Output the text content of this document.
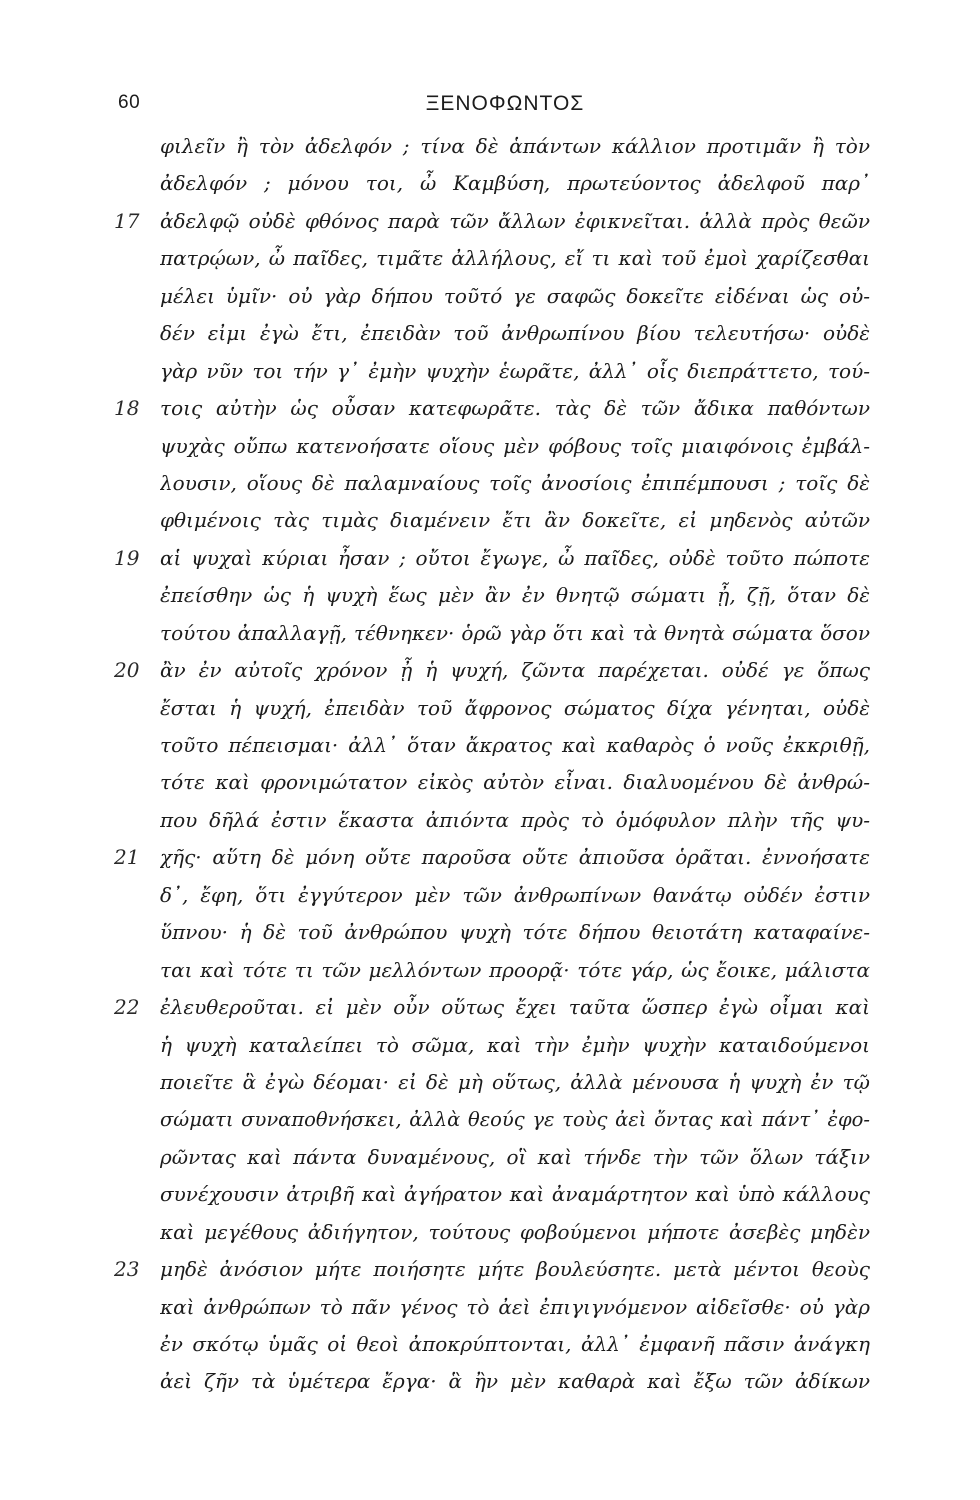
60	ΞΕΝΟΦΩΝΤΟΣ
φιλεῖν ἢ τὸν ἀδελφόν ; τίνα δὲ ἁπάντων κάλλιον προτιμᾶν ἢ τὸν
ἀδελφόν ; μόνου τοι, ὦ Καμβύση, πρωτεύοντος ἀδελφοῦ παρ᾽
17	ἀδελφῷ οὐδὲ φθόνος παρὰ τῶν ἄλλων ἐφικνεῖται. ἀλλὰ πρὸς θεῶν
πατρῴων, ὦ παῖδες, τιμᾶτε ἀλλήλους, εἴ τι καὶ τοῦ ἐμοὶ χαρίζεσθαι
μέλει ὑμῖν· οὐ γὰρ δήπου τοῦτό γε σαφῶς δοκεῖτε εἰδέναι ὡς οὐ-
δέν εἰμι ἐγὼ ἔτι, ἐπειδὰν τοῦ ἀνθρωπίνου βίου τελευτήσω· οὐδὲ
γὰρ νῦν τοι τήν γ᾽ ἐμὴν ψυχὴν ἑωρᾶτε, ἀλλ᾽ οἷς διεπράττετο, τού-
18	τοις αὐτὴν ὡς οὖσαν κατεφωρᾶτε. τὰς δὲ τῶν ἄδικα παθόντων
ψυχὰς οὔπω κατενοήσατε οἵους μὲν φόβους τοῖς μιαιφόνοις ἐμβάλ-
λουσιν, οἵους δὲ παλαμναίους τοῖς ἀνοσίοις ἐπιπέμπουσι ; τοῖς δὲ
φθιμένοις τὰς τιμὰς διαμένειν ἔτι ἂν δοκεῖτε, εἰ μηδενὸς αὐτῶν
19	αἱ ψυχαὶ κύριαι ἦσαν ; οὔτοι ἔγωγε, ὦ παῖδες, οὐδὲ τοῦτο πώποτε
ἐπείσθην ὡς ἡ ψυχὴ ἕως μὲν ἂν ἐν θνητῷ σώματι ᾖ, ζῇ, ὅταν δὲ
τούτου ἀπαλλαγῇ, τέθνηκεν· ὁρῶ γὰρ ὅτι καὶ τὰ θνητὰ σώματα ὅσον
20	ἂν ἐν αὐτοῖς χρόνον ᾖ ἡ ψυχή, ζῶντα παρέχεται. οὐδέ γε ὅπως
ἔσται ἡ ψυχή, ἐπειδὰν τοῦ ἄφρονος σώματος δίχα γένηται, οὐδὲ
τοῦτο πέπεισμαι· ἀλλ᾽ ὅταν ἄκρατος καὶ καθαρὸς ὁ νοῦς ἐκκριθῇ,
τότε καὶ φρονιμώτατον εἰκὸς αὐτὸν εἶναι. διαλυομένου δὲ ἀνθρώ-
που δῆλά ἐστιν ἕκαστα ἀπιόντα πρὸς τὸ ὁμόφυλον πλὴν τῆς ψυ-
21	χῆς· αὕτη δὲ μόνη οὔτε παροῦσα οὔτε ἀπιοῦσα ὁρᾶται. ἐννοήσατε
δ᾽, ἔφη, ὅτι ἐγγύτερον μὲν τῶν ἀνθρωπίνων θανάτῳ οὐδέν ἐστιν
ὕπνου· ἡ δὲ τοῦ ἀνθρώπου ψυχὴ τότε δήπου θειοτάτη καταφαίνε-
ται καὶ τότε τι τῶν μελλόντων προορᾷ· τότε γάρ, ὡς ἔοικε, μάλιστα
22	ἐλευθεροῦται. εἰ μὲν οὖν οὕτως ἔχει ταῦτα ὥσπερ ἐγὼ οἶμαι καὶ
ἡ ψυχὴ καταλείπει τὸ σῶμα, καὶ τὴν ἐμὴν ψυχὴν καταιδούμενοι
ποιεῖτε ἃ ἐγὼ δέομαι· εἰ δὲ μὴ οὕτως, ἀλλὰ μένουσα ἡ ψυχὴ ἐν τῷ
σώματι συναποθνήσκει, ἀλλὰ θεούς γε τοὺς ἀεὶ ὄντας καὶ πάντ᾽ ἐφο-
ρῶντας καὶ πάντα δυναμένους, οἳ καὶ τήνδε τὴν τῶν ὅλων τάξιν
συνέχουσιν ἀτριβῆ καὶ ἀγήρατον καὶ ἀναμάρτητον καὶ ὑπὸ κάλλους
καὶ μεγέθους ἀδιήγητον, τούτους φοβούμενοι μήποτε ἀσεβὲς μηδὲν
23	μηδὲ ἀνόσιον μήτε ποιήσητε μήτε βουλεύσητε. μετὰ μέντοι θεοὺς
καὶ ἀνθρώπων τὸ πᾶν γένος τὸ ἀεὶ ἐπιγιγνόμενον αἰδεῖσθε· οὐ γὰρ
ἐν σκότῳ ὑμᾶς οἱ θεοὶ ἀποκρύπτονται, ἀλλ᾽ ἐμφανῆ πᾶσιν ἀνάγκη
ἀεὶ ζῆν τὰ ὑμέτερα ἔργα· ἃ ἢν μὲν καθαρὰ καὶ ἔξω τῶν ἀδίκων
